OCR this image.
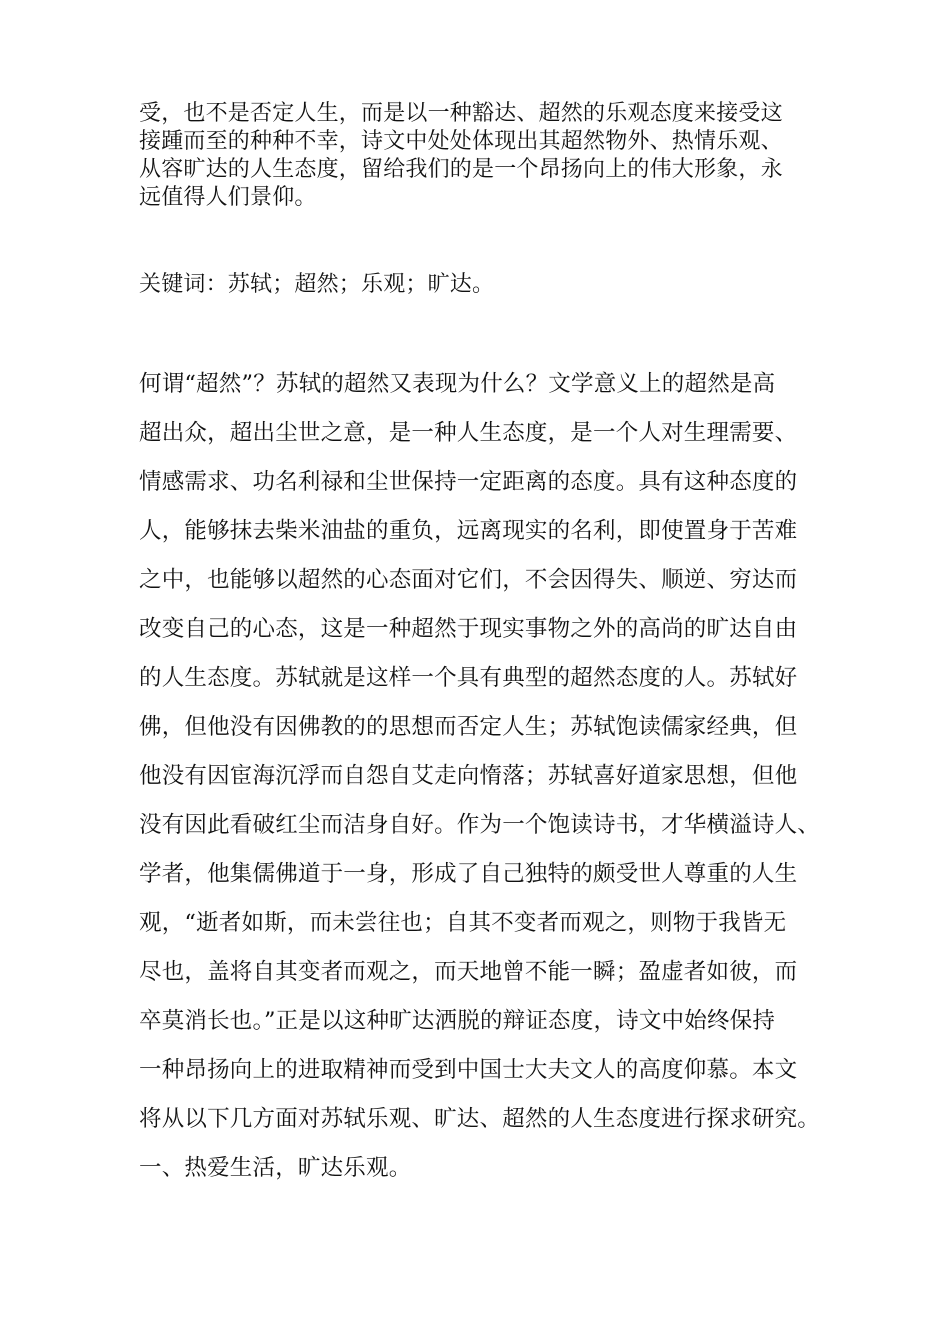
受，也不是否定人生，而是以一种豁达、超然的乐观态度来接受这
接踵而至的种种不幸，诗文中处处体现出其超然物外、热情乐观、
从容旷达的人生态度，留给我们的是一个昂扬向上的伟大形象，永
远值得人们景仰。
关键词：苏轼；超然；乐观；旷达。
何谓“超然”？苏轼的超然又表现为什么？文学意义上的超然是高
超出众，超出尘世之意，是一种人生态度，是一个人对生理需要、
情感需求、功名利禄和尘世保持一定距离的态度。具有这种态度的
人，能够抹去柴米油盐的重负，远离现实的名利，即使置身于苦难
之中，也能够以超然的心态面对它们，不会因得失、顺逆、穷达而
改变自己的心态，这是一种超然于现实事物之外的高尚的旷达自由
的人生态度。苏轼就是这样一个具有典型的超然态度的人。苏轼好
佛，但他没有因佛教的的思想而否定人生；苏轼饱读儒家经典，但
他没有因宦海沉浮而自怨自艾走向惰落；苏轼喜好道家思想，但他
没有因此看破红尘而洁身自好。作为一个饱读诗书，才华横溢诗人、
学者，他集儒佛道于一身，形成了自己独特的颇受世人尊重的人生
观，“逝者如斯，而未尝往也；自其不变者而观之，则物于我皆无
尽也，盖将自其变者而观之，而天地曾不能一瞬；盈虚者如彼，而
卒莫消长也。”正是以这种旷达洒脱的辩证态度，诗文中始终保持
一种昂扬向上的进取精神而受到中国士大夫文人的高度仰慕。本文
将从以下几方面对苏轼乐观、旷达、超然的人生态度进行探求研究。
一、热爱生活，旷达乐观。
